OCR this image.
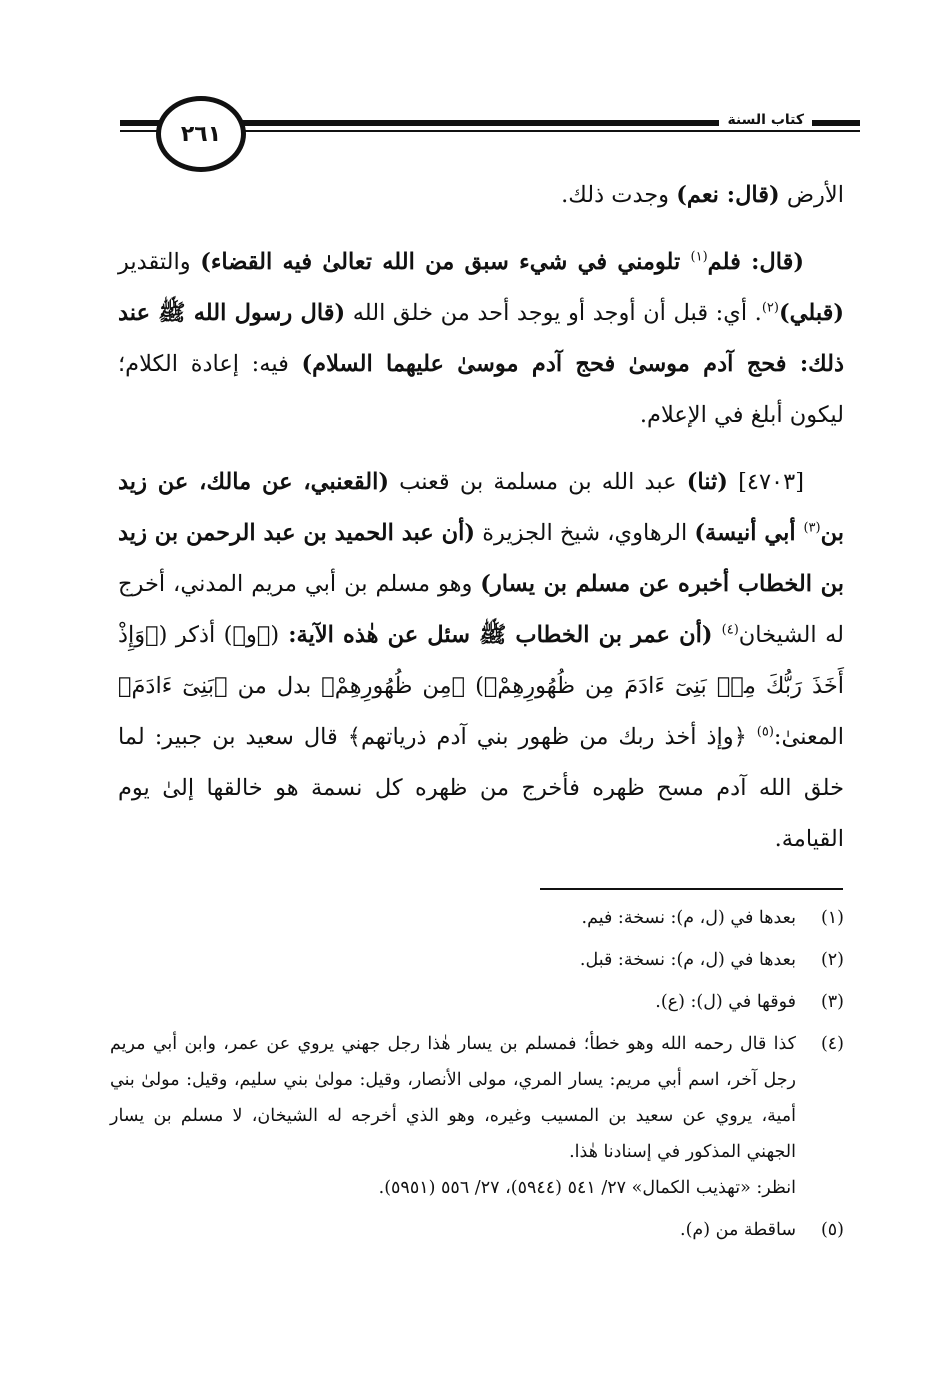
٢٦١
كتاب السنة

الأرض (قال: نعم) وجدت ذلك.

(قال: فلم$^{(١)}$ تلومني في شيء سبق من الله تعالىٰ فيه القضاء) والتقدير (قبلي)$^{(٢)}$. أي: قبل أن أوجد أو يوجد أحد من خلق الله (قال رسول الله ﷺ عند ذلك: فحج آدم موسىٰ فحج آدم موسىٰ عليهما السلام) فيه: إعادة الكلام؛ ليكون أبلغ في الإعلام.

[٤٧٠٣] (ثنا) عبد الله بن مسلمة بن قعنب (القعنبي، عن مالك، عن زيد بن$^{(٣)}$ أبي أنيسة) الرهاوي، شيخ الجزيرة (أن عبد الحميد بن عبد الرحمن بن زيد بن الخطاب أخبره عن مسلم بن يسار) وهو مسلم بن أبي مريم المدني، أخرج له الشيخان$^{(٤)}$ (أن عمر بن الخطاب ﷺ سئل عن هٰذه الآية: (﴿و﴾) أذكر (﴿وَإِذْ أَخَذَ رَبُّكَ مِنۢ بَنِىٓ ءَادَمَ مِن ظُهُورِهِمْ﴾) ﴿مِن ظُهُورِهِمْ﴾ بدل من ﴿بَنِىٓ ءَادَمَ﴾ المعنىٰ:$^{(٥)}$ ﴿وإذ أخذ ربك من ظهور بني آدم ذرياتهم﴾ قال سعيد بن جبير: لما خلق الله آدم مسح ظهره فأخرج من ظهره كل نسمة هو خالقها إلىٰ يوم القيامة.

(١)
بعدها في (ل، م): نسخة: فيم.
(٢)
بعدها في (ل، م): نسخة: قبل.
(٣)
فوقها في (ل): (ع).
(٤)
كذا قال رحمه الله وهو خطأ؛ فمسلم بن يسار هٰذا رجل جهني يروي عن عمر، وابن أبي مريم رجل آخر، اسم أبي مريم: يسار المري، مولى الأنصار، وقيل: مولىٰ بني سليم، وقيل: مولىٰ بني أمية، يروي عن سعيد بن المسيب وغيره، وهو الذي أخرجه له الشيخان، لا مسلم بن يسار الجهني المذكور في إسنادنا هٰذا.
انظر: «تهذيب الكمال» ٢٧/ ٥٤١ (٥٩٤٤)، ٢٧/ ٥٥٦ (٥٩٥١).
(٥)
ساقطة من (م).
